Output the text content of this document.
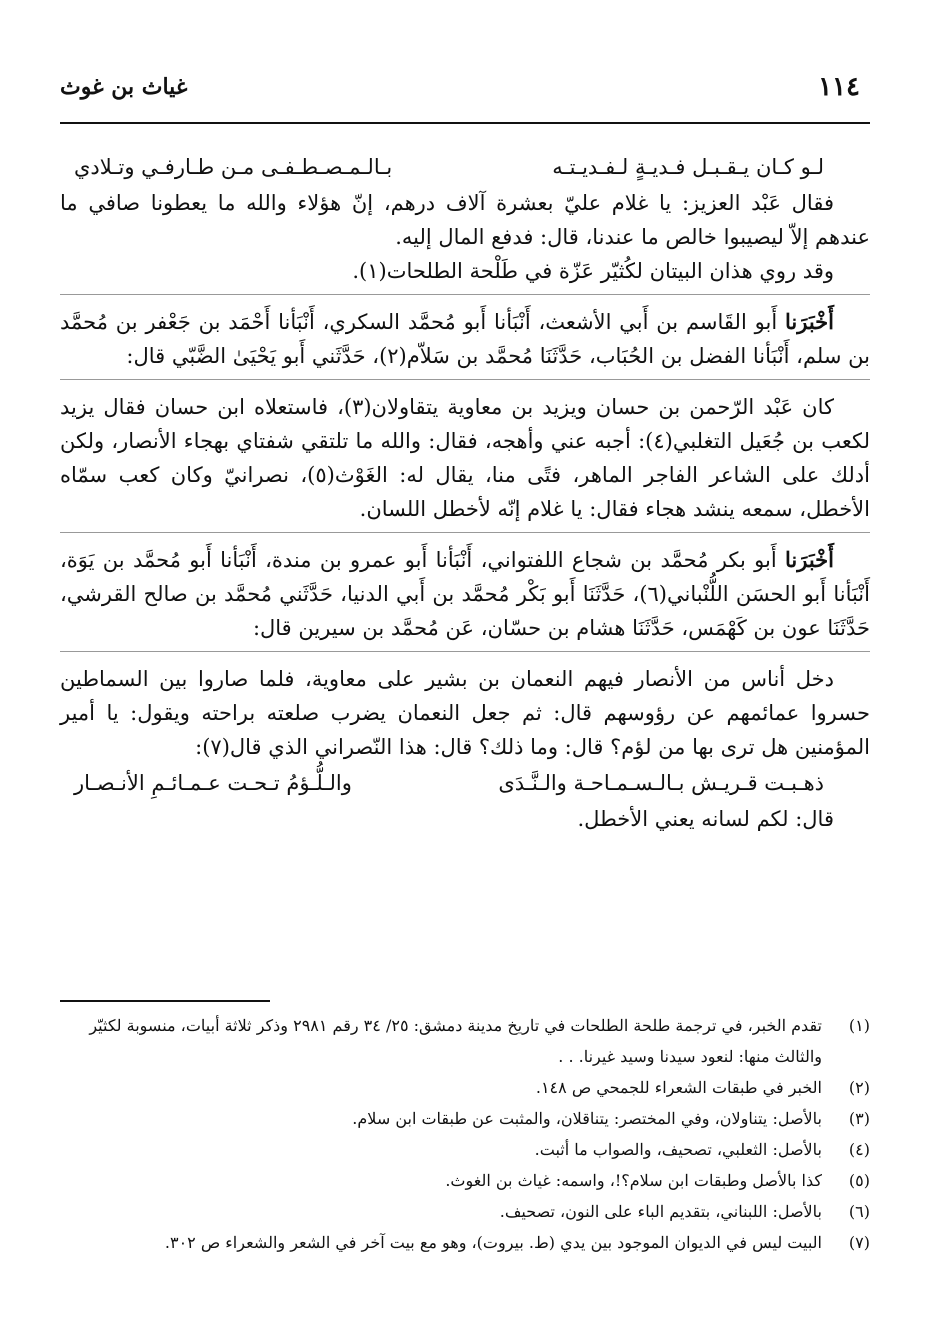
١١٤
غياث بن غوث
لـو كـان يـقـبـل فـديـةٍ لـفـديـتـه
بـالـمـصـطـفـى مـن طـارفـي وتـلادي

فقال عَبْد العزيز: يا غلام عليّ بعشرة آلاف درهم، إنّ هؤلاء والله ما يعطونا صافي ما عندهم إلاّ ليصيبوا خالص ما عندنا، قال: فدفع المال إليه.

وقد روي هذان البيتان لكُثيّر عَزّة في طَلْحة الطلحات(١).

أَخْبَرَنا أَبو القَاسم بن أَبي الأشعث، أَنْبَأنا أَبو مُحمَّد السكري، أَنْبَأنا أَحْمَد بن جَعْفر بن مُحمَّد بن سلم، أَنْبَأنا الفضل بن الحُبَاب، حَدَّثَنَا مُحمَّد بن سَلاّم(٢)، حَدَّثَني أَبو يَحْيَىٰ الضَّبّي قال:

كان عَبْد الرّحمن بن حسان ويزيد بن معاوية يتقاولان(٣)، فاستعلاه ابن حسان فقال يزيد لكعب بن جُعَيل التغلبي(٤): أجبه عني وأهجه، فقال: والله ما تلتقي شفتاي بهجاء الأنصار، ولكن أدلك على الشاعر الفاجر الماهر، فتًى منا، يقال له: الغَوْث(٥)، نصرانيّ وكان كعب سمّاه الأخطل، سمعه ينشد هجاء فقال: يا غلام إنّه لأخطل اللسان.

أَخْبَرَنا أَبو بكر مُحمَّد بن شجاع اللفتواني، أَنْبَأنا أَبو عمرو بن مندة، أَنْبَأنا أَبو مُحمَّد بن يَوَة، أَنْبَأنا أَبو الحسَن اللُّنْباني(٦)، حَدَّثَنَا أَبو بَكْر مُحمَّد بن أَبي الدنيا، حَدَّثَني مُحمَّد بن صالح القرشي، حَدَّثَنَا عون بن كَهْمَس، حَدَّثَنَا هشام بن حسّان، عَن مُحمَّد بن سيرين قال:

دخل أناس من الأنصار فيهم النعمان بن بشير على معاوية، فلما صاروا بين السماطين حسروا عمائمهم عن رؤوسهم قال: ثم جعل النعمان يضرب صلعته براحته ويقول: يا أمير المؤمنين هل ترى بها من لؤم؟ قال: وما ذلك؟ قال: هذا النّصراني الذي قال(٧):

ذهـبـت قـريـش بـالـسـمـاحـة والـنَّـدَى
والـلُّـؤمُ تـحـت عـمـائـمِ الأنـصـار

قال: لكم لسانه يعني الأخطل.

(١)
تقدم الخبر، في ترجمة طلحة الطلحات في تاريخ مدينة دمشق: ٢٥/ ٣٤ رقم ٢٩٨١ وذكر ثلاثة أبيات، منسوبة لكثيّر والثالث منها: لنعود سيدنا وسيد غيرنا. . .
(٢)
الخبر في طبقات الشعراء للجمحي ص ١٤٨.
(٣)
بالأصل: يتناولان، وفي المختصر: يتناقلان، والمثبت عن طبقات ابن سلام.
(٤)
بالأصل: الثعلبي، تصحيف، والصواب ما أثبت.
(٥)
كذا بالأصل وطبقات ابن سلام؟!، واسمه: غياث بن الغوث.
(٦)
بالأصل: اللبناني، بتقديم الباء على النون، تصحيف.
(٧)
البيت ليس في الديوان الموجود بين يدي (ط. بيروت)، وهو مع بيت آخر في الشعر والشعراء ص ٣٠٢.
